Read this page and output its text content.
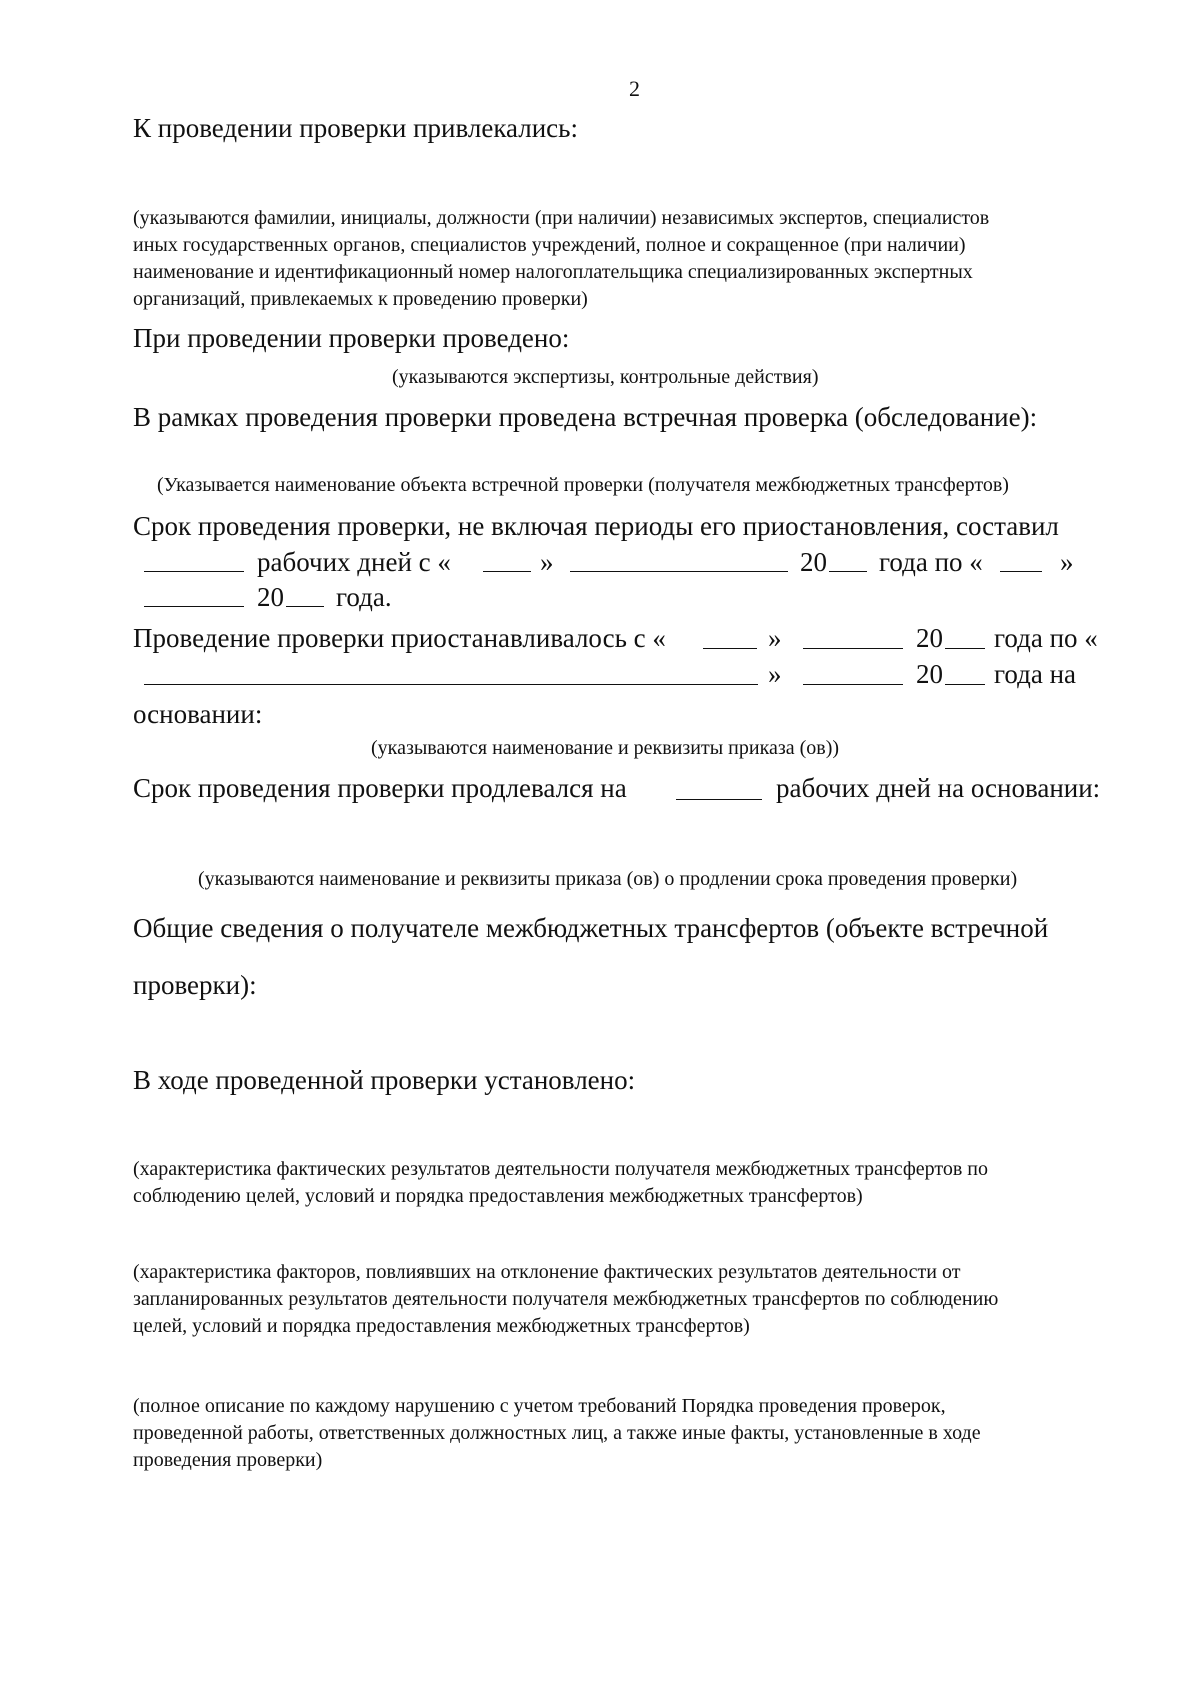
2
К проведении проверки привлекались:
(указываются фамилии, инициалы, должности (при наличии) независимых экспертов, специалистов
иных государственных органов, специалистов учреждений, полное и сокращенное (при наличии)
наименование и идентификационный номер налогоплательщика специализированных экспертных
организаций, привлекаемых к проведению проверки)
При проведении проверки проведено:
(указываются экспертизы, контрольные действия)
В рамках проведения проверки проведена встречная проверка (обследование):
(Указывается наименование объекта встречной проверки (получателя межбюджетных трансфертов)
Срок проведения проверки, не включая периоды его приостановления, составил
рабочих дней с «	»	20 года по «	»
20 года.
Проведение проверки приостанавливалось с «	»	20 года по «
»	20 года на
основании:
(указываются наименование и реквизиты приказа (ов))
Срок проведения проверки продлевался на	рабочих дней на основании:
(указываются наименование и реквизиты приказа (ов) о продлении срока проведения проверки)
Общие сведения о получателе межбюджетных трансфертов (объекте встречной
проверки):
В ходе проведенной проверки установлено:
(характеристика фактических результатов деятельности получателя межбюджетных трансфертов по
соблюдению целей, условий и порядка предоставления межбюджетных трансфертов)
(характеристика факторов, повлиявших на отклонение фактических результатов деятельности от
запланированных результатов деятельности получателя межбюджетных трансфертов по соблюдению
целей, условий и порядка предоставления межбюджетных трансфертов)
(полное описание по каждому нарушению с учетом требований Порядка проведения проверок,
проведенной работы, ответственных должностных лиц, а также иные факты, установленные в ходе
проведения проверки)
